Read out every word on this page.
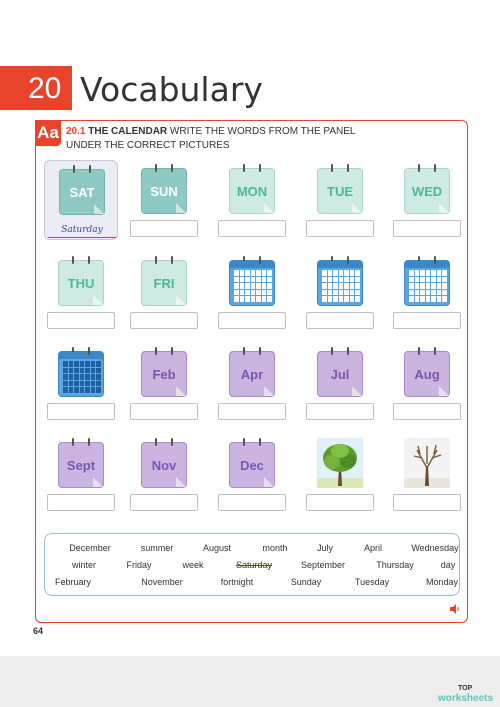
20 Vocabulary
Aa 20.1 THE CALENDAR WRITE THE WORDS FROM THE PANEL
UNDER THE CORRECT PICTURES
SAT
Saturday
SUN	MON	TUE	WED
THU	FRI
Feb	Apr	Jul	Aug
Sept	Nov	Dec
December	summer	August	month	July	April	Wednesday
winter	Friday	week	Saturday	September	Thursday	day
February	November	fortnight	Sunday	Tuesday	Monday
64
TOP
worksheets
